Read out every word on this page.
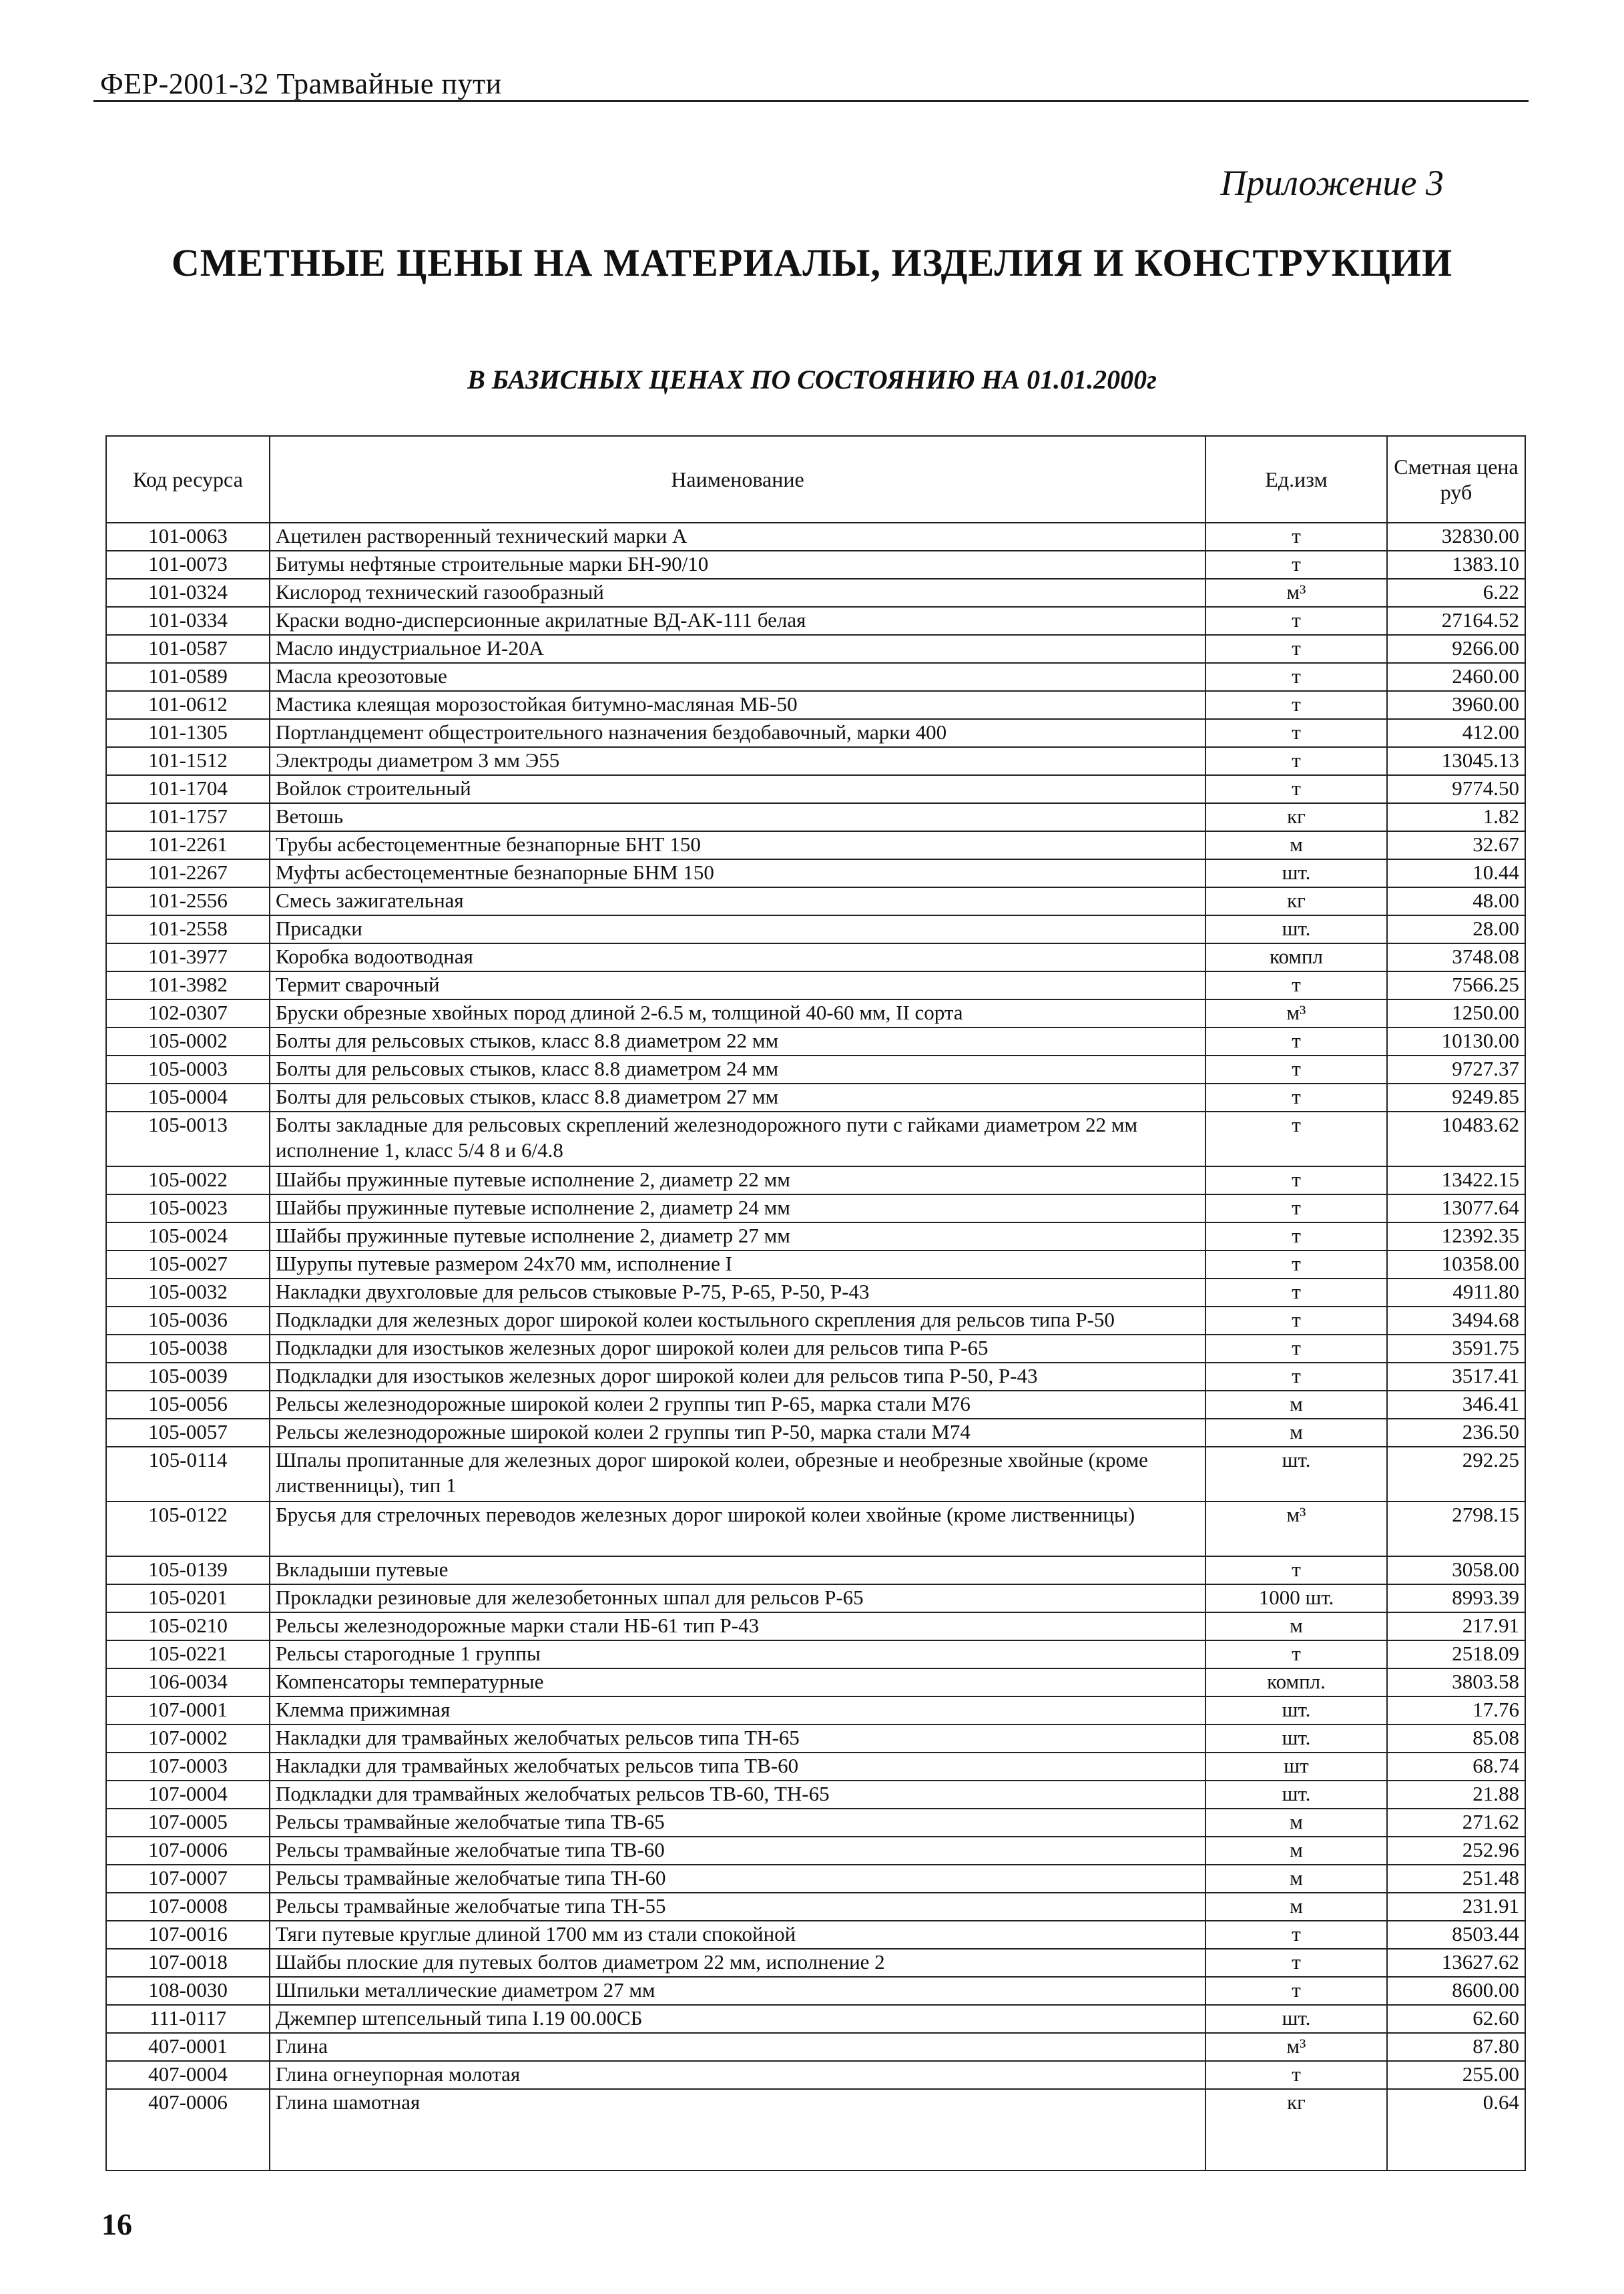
ФЕР-2001-32 Трамвайные пути
Приложение 3
СМЕТНЫЕ ЦЕНЫ НА МАТЕРИАЛЫ, ИЗДЕЛИЯ И КОНСТРУКЦИИ
В БАЗИСНЫХ ЦЕНАХ ПО СОСТОЯНИЮ НА 01.01.2000г
Код ресурса	Наименование	Ед.изм	Сметная цена руб
101-0063	Ацетилен растворенный технический марки А	т	32830.00
101-0073	Битумы нефтяные строительные марки БН-90/10	т	1383.10
101-0324	Кислород технический газообразный	м³	6.22
101-0334	Краски водно-дисперсионные акрилатные ВД-АК-111 белая	т	27164.52
101-0587	Масло индустриальное И-20А	т	9266.00
101-0589	Масла креозотовые	т	2460.00
101-0612	Мастика клеящая морозостойкая битумно-масляная МБ-50	т	3960.00
101-1305	Портландцемент общестроительного назначения бездобавочный, марки 400	т	412.00
101-1512	Электроды диаметром 3 мм Э55	т	13045.13
101-1704	Войлок строительный	т	9774.50
101-1757	Ветошь	кг	1.82
101-2261	Трубы асбестоцементные безнапорные БНТ 150	м	32.67
101-2267	Муфты асбестоцементные безнапорные БНМ 150	шт.	10.44
101-2556	Смесь зажигательная	кг	48.00
101-2558	Присадки	шт.	28.00
101-3977	Коробка водоотводная	компл	3748.08
101-3982	Термит сварочный	т	7566.25
102-0307	Бруски обрезные хвойных пород длиной 2-6.5 м, толщиной 40-60 мм, II сорта	м³	1250.00
105-0002	Болты для рельсовых стыков, класс 8.8 диаметром 22 мм	т	10130.00
105-0003	Болты для рельсовых стыков, класс 8.8 диаметром 24 мм	т	9727.37
105-0004	Болты для рельсовых стыков, класс 8.8 диаметром 27 мм	т	9249.85
105-0013	Болты закладные для рельсовых скреплений железнодорожного пути с гайками диаметром 22 мм исполнение 1, класс 5/4 8 и 6/4.8	т	10483.62
105-0022	Шайбы пружинные путевые исполнение 2, диаметр 22 мм	т	13422.15
105-0023	Шайбы пружинные путевые исполнение 2, диаметр 24 мм	т	13077.64
105-0024	Шайбы пружинные путевые исполнение 2, диаметр 27 мм	т	12392.35
105-0027	Шурупы путевые размером 24х70 мм, исполнение I	т	10358.00
105-0032	Накладки двухголовые для рельсов стыковые Р-75, Р-65, Р-50, Р-43	т	4911.80
105-0036	Подкладки для железных дорог широкой колеи костыльного скрепления для рельсов типа Р-50	т	3494.68
105-0038	Подкладки для изостыков железных дорог широкой колеи для рельсов типа Р-65	т	3591.75
105-0039	Подкладки для изостыков железных дорог широкой колеи для рельсов типа Р-50, Р-43	т	3517.41
105-0056	Рельсы железнодорожные широкой колеи 2 группы тип Р-65, марка стали М76	м	346.41
105-0057	Рельсы железнодорожные широкой колеи 2 группы тип Р-50, марка стали М74	м	236.50
105-0114	Шпалы пропитанные для железных дорог широкой колеи, обрезные и необрезные хвойные (кроме лиственницы), тип 1	шт.	292.25
105-0122	Брусья для стрелочных переводов железных дорог широкой колеи хвойные (кроме лиственницы)	м³	2798.15
105-0139	Вкладыши путевые	т	3058.00
105-0201	Прокладки резиновые для железобетонных шпал для рельсов Р-65	1000 шт.	8993.39
105-0210	Рельсы железнодорожные марки стали НБ-61 тип Р-43	м	217.91
105-0221	Рельсы старогодные 1 группы	т	2518.09
106-0034	Компенсаторы температурные	компл.	3803.58
107-0001	Клемма прижимная	шт.	17.76
107-0002	Накладки для трамвайных желобчатых рельсов типа ТН-65	шт.	85.08
107-0003	Накладки для трамвайных желобчатых рельсов типа ТВ-60	шт	68.74
107-0004	Подкладки для трамвайных желобчатых рельсов ТВ-60, ТН-65	шт.	21.88
107-0005	Рельсы трамвайные желобчатые типа ТВ-65	м	271.62
107-0006	Рельсы трамвайные желобчатые типа ТВ-60	м	252.96
107-0007	Рельсы трамвайные желобчатые типа ТН-60	м	251.48
107-0008	Рельсы трамвайные желобчатые типа ТН-55	м	231.91
107-0016	Тяги путевые круглые длиной 1700 мм из стали спокойной	т	8503.44
107-0018	Шайбы плоские для путевых болтов диаметром 22 мм, исполнение 2	т	13627.62
108-0030	Шпильки металлические диаметром 27 мм	т	8600.00
111-0117	Джемпер штепсельный типа I.19 00.00СБ	шт.	62.60
407-0001	Глина	м³	87.80
407-0004	Глина огнеупорная молотая	т	255.00
407-0006	Глина шамотная	кг	0.64
16
